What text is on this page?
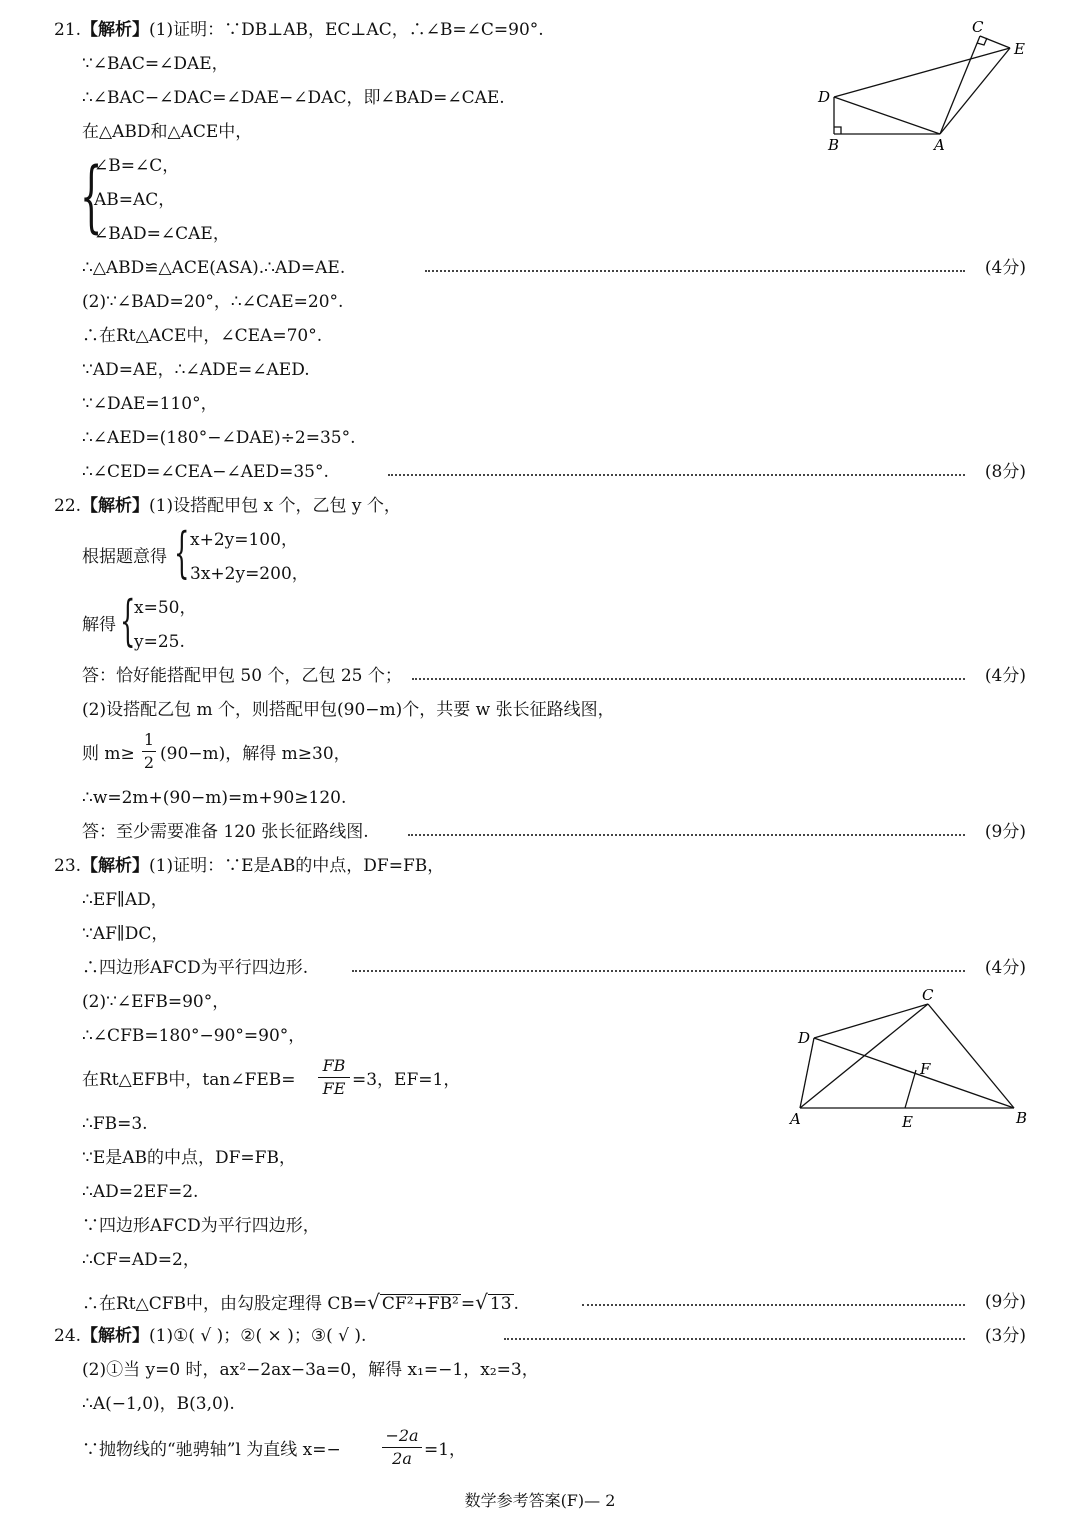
21.【解析】(1)证明：∵DB⊥AB，EC⊥AC，∴∠B=∠C=90°.
∵∠BAC=∠DAE，
∴∠BAC−∠DAC=∠DAE−∠DAC，即∠BAD=∠CAE.
在△ABD和△ACE中，
{
∠B=∠C，
AB=AC，
∠BAD=∠CAE，
∴△ABD≌△ACE(ASA).∴AD=AE.	(4分)
(2)∵∠BAD=20°，∴∠CAE=20°.
∴在Rt△ACE中，∠CEA=70°.
∵AD=AE，∴∠ADE=∠AED.
∵∠DAE=110°，
∴∠AED=(180°−∠DAE)÷2=35°.
∴∠CED=∠CEA−∠AED=35°.	(8分)
C
E
D
B	A
22.【解析】(1)设搭配甲包 x 个，乙包 y 个，
根据题意得 { x+2y=100，
3x+2y=200，
解得 {
x=50，
y=25.
答：恰好能搭配甲包 50 个，乙包 25 个；	(4分)
(2)设搭配乙包 m 个，则搭配甲包(90−m)个，共要 w 张长征路线图，
则 m≥
1
2 (90−m)，解得 m≥30，
∴w=2m+(90−m)=m+90≥120.
答：至少需要准备 120 张长征路线图.	(9分)
23.【解析】(1)证明：∵E是AB的中点，DF=FB，
∴EF∥AD，
∵AF∥DC，
∴四边形AFCD为平行四边形.	(4分)
(2)∵∠EFB=90°，
∴∠CFB=180°−90°=90°，
在Rt△EFB中，tan∠FEB=
FB
FE =3，EF=1，
∴FB=3.
∵E是AB的中点，DF=FB，
∴AD=2EF=2.
∵四边形AFCD为平行四边形，
∴CF=AD=2，
∴在Rt△CFB中，由勾股定理得 CB=√ CF²+FB² =√ 13 .	(9分)
C
D
F
A	E	B
24.【解析】(1)①( √ )；②( × )；③( √ ).	(3分)
(2)①当 y=0 时，ax²−2ax−3a=0，解得 x₁=−1，x₂=3，
∴A(−1,0)，B(3,0).
∵抛物线的“驰骋轴”l 为直线 x=−
−2a
2a =1，
数学参考答案(F)— 2
